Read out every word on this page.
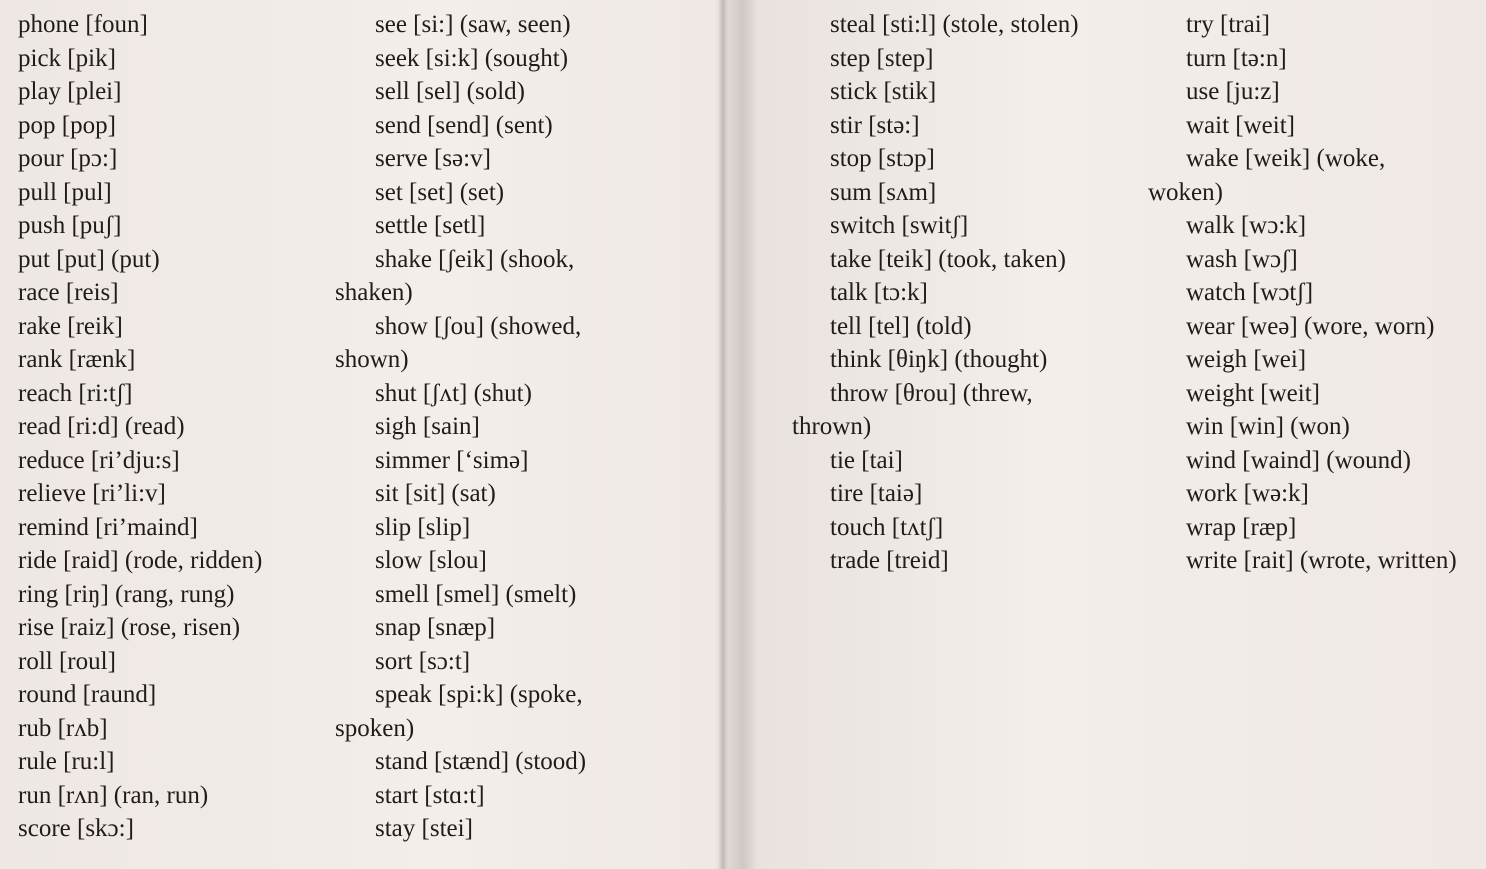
phone [foun]
pick [pik]
play [plei]
pop [pop]
pour [pɔ:]
pull [pul]
push [puʃ]
put [put] (put)
race [reis]
rake [reik]
rank [rænk]
reach [ri:tʃ]
read [ri:d] (read)
reduce [ri’dju:s]
relieve [ri’li:v]
remind [ri’maind]
ride [raid] (rode, ridden)
ring [riŋ] (rang, rung)
rise [raiz] (rose, risen)
roll [roul]
round [raund]
rub [rʌb]
rule [ru:l]
run [rʌn] (ran, run)
score [skɔ:]
see [si:] (saw, seen)
seek [si:k] (sought)
sell [sel] (sold)
send [send] (sent)
serve [sə:v]
set [set] (set)
settle [setl]
shake [ʃeik] (shook,
shaken)
show [ʃou] (showed,
shown)
shut [ʃʌt] (shut)
sigh [sain]
simmer [‘simə]
sit [sit] (sat)
slip [slip]
slow [slou]
smell [smel] (smelt)
snap [snæp]
sort [sɔ:t]
speak [spi:k] (spoke,
spoken)
stand [stænd] (stood)
start [stɑ:t]
stay [stei]
steal [sti:l] (stole, stolen)
step [step]
stick [stik]
stir [stə:]
stop [stɔp]
sum [sʌm]
switch [switʃ]
take [teik] (took, taken)
talk [tɔ:k]
tell [tel] (told)
think [θiŋk] (thought)
throw [θrou] (threw,
thrown)
tie [tai]
tire [taiə]
touch [tʌtʃ]
trade [treid]
try [trai]
turn [tə:n]
use [ju:z]
wait [weit]
wake [weik] (woke,
woken)
walk [wɔ:k]
wash [wɔʃ]
watch [wɔtʃ]
wear [weə] (wore, worn)
weigh [wei]
weight [weit]
win [win] (won)
wind [waind] (wound)
work [wə:k]
wrap [ræp]
write [rait] (wrote, written)
